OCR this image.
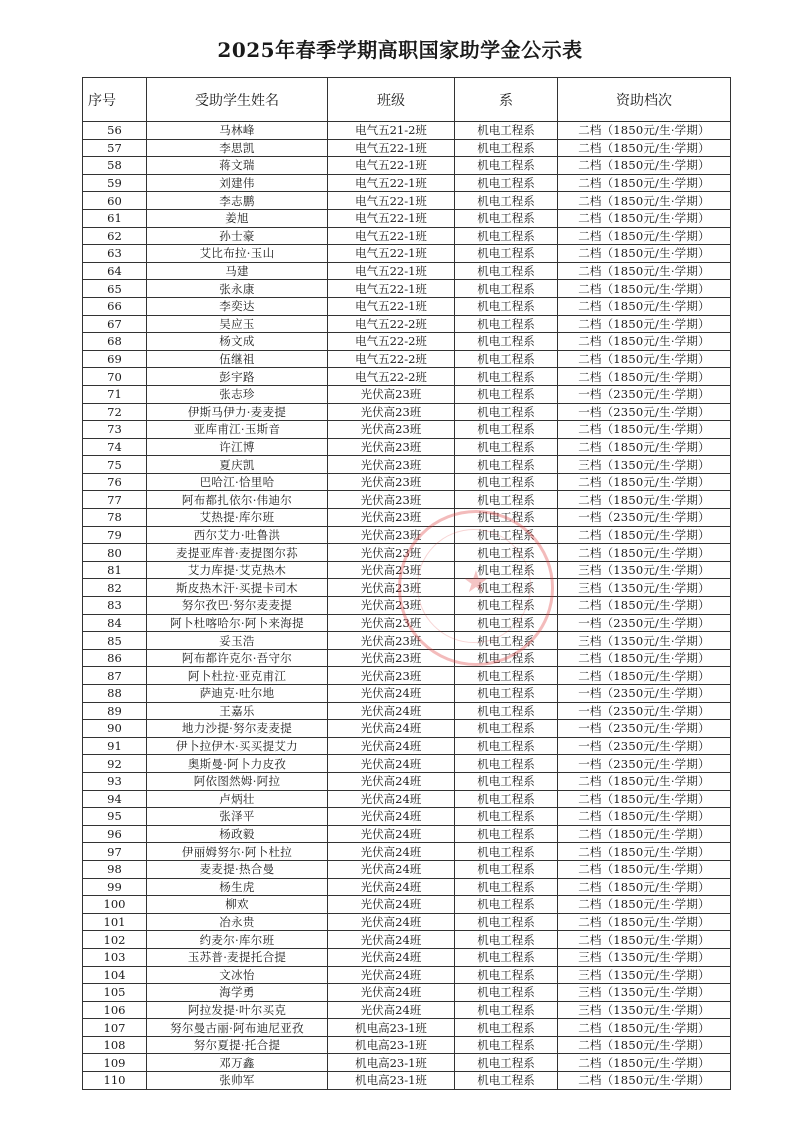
2025年春季学期高职国家助学金公示表
序号	受助学生姓名	班级	系	资助档次
56	马林峰	电气五21-2班	机电工程系	二档（1850元/生·学期）
57	李思凯	电气五22-1班	机电工程系	二档（1850元/生·学期）
58	蒋文瑞	电气五22-1班	机电工程系	二档（1850元/生·学期）
59	刘建伟	电气五22-1班	机电工程系	二档（1850元/生·学期）
60	李志鹏	电气五22-1班	机电工程系	二档（1850元/生·学期）
61	姜旭	电气五22-1班	机电工程系	二档（1850元/生·学期）
62	孙士豪	电气五22-1班	机电工程系	二档（1850元/生·学期）
63	艾比布拉·玉山	电气五22-1班	机电工程系	二档（1850元/生·学期）
64	马建	电气五22-1班	机电工程系	二档（1850元/生·学期）
65	张永康	电气五22-1班	机电工程系	二档（1850元/生·学期）
66	李奕达	电气五22-1班	机电工程系	二档（1850元/生·学期）
67	吴应玉	电气五22-2班	机电工程系	二档（1850元/生·学期）
68	杨文成	电气五22-2班	机电工程系	二档（1850元/生·学期）
69	伍继祖	电气五22-2班	机电工程系	二档（1850元/生·学期）
70	彭宇路	电气五22-2班	机电工程系	二档（1850元/生·学期）
71	张志珍	光伏高23班	机电工程系	一档（2350元/生·学期）
72	伊斯马伊力·麦麦提	光伏高23班	机电工程系	一档（2350元/生·学期）
73	亚库甫江·玉斯音	光伏高23班	机电工程系	二档（1850元/生·学期）
74	许江博	光伏高23班	机电工程系	二档（1850元/生·学期）
75	夏庆凯	光伏高23班	机电工程系	三档（1350元/生·学期）
76	巴哈江·恰里哈	光伏高23班	机电工程系	二档（1850元/生·学期）
77	阿布都扎依尔·伟迪尔	光伏高23班	机电工程系	二档（1850元/生·学期）
78	艾热提·库尔班	光伏高23班	机电工程系	一档（2350元/生·学期）
79	西尔艾力·吐鲁洪	光伏高23班	机电工程系	二档（1850元/生·学期）
80	麦提亚库普·麦提图尔荪	光伏高23班	机电工程系	二档（1850元/生·学期）
81	艾力库提·艾克热木	光伏高23班	机电工程系	三档（1350元/生·学期）
82	斯皮热木汗·买提卡司木	光伏高23班	机电工程系	三档（1350元/生·学期）
83	努尔孜巴·努尔麦麦提	光伏高23班	机电工程系	二档（1850元/生·学期）
84	阿卜杜喀哈尔·阿卜来海提	光伏高23班	机电工程系	一档（2350元/生·学期）
85	妥玉浩	光伏高23班	机电工程系	三档（1350元/生·学期）
86	阿布都许克尔·吾守尔	光伏高23班	机电工程系	二档（1850元/生·学期）
87	阿卜杜拉·亚克甫江	光伏高23班	机电工程系	二档（1850元/生·学期）
88	萨迪克·吐尔地	光伏高24班	机电工程系	一档（2350元/生·学期）
89	王嘉乐	光伏高24班	机电工程系	一档（2350元/生·学期）
90	地力沙提·努尔麦麦提	光伏高24班	机电工程系	一档（2350元/生·学期）
91	伊卜拉伊木·买买提艾力	光伏高24班	机电工程系	一档（2350元/生·学期）
92	奥斯曼·阿卜力皮孜	光伏高24班	机电工程系	一档（2350元/生·学期）
93	阿依图然姆·阿拉	光伏高24班	机电工程系	二档（1850元/生·学期）
94	卢炳壮	光伏高24班	机电工程系	二档（1850元/生·学期）
95	张泽平	光伏高24班	机电工程系	二档（1850元/生·学期）
96	杨政毅	光伏高24班	机电工程系	二档（1850元/生·学期）
97	伊丽姆努尔·阿卜杜拉	光伏高24班	机电工程系	二档（1850元/生·学期）
98	麦麦提·热合曼	光伏高24班	机电工程系	二档（1850元/生·学期）
99	杨生虎	光伏高24班	机电工程系	二档（1850元/生·学期）
100	柳欢	光伏高24班	机电工程系	二档（1850元/生·学期）
101	冶永贵	光伏高24班	机电工程系	二档（1850元/生·学期）
102	约麦尔·库尔班	光伏高24班	机电工程系	二档（1850元/生·学期）
103	玉苏普·麦提托合提	光伏高24班	机电工程系	三档（1350元/生·学期）
104	文冰怡	光伏高24班	机电工程系	三档（1350元/生·学期）
105	海学勇	光伏高24班	机电工程系	三档（1350元/生·学期）
106	阿拉发提·叶尔买克	光伏高24班	机电工程系	三档（1350元/生·学期）
107	努尔曼古丽·阿布迪尼亚孜	机电高23-1班	机电工程系	二档（1850元/生·学期）
108	努尔夏提·托合提	机电高23-1班	机电工程系	二档（1850元/生·学期）
109	邓万鑫	机电高23-1班	机电工程系	二档（1850元/生·学期）
110	张帅军	机电高23-1班	机电工程系	二档（1850元/生·学期）
★
